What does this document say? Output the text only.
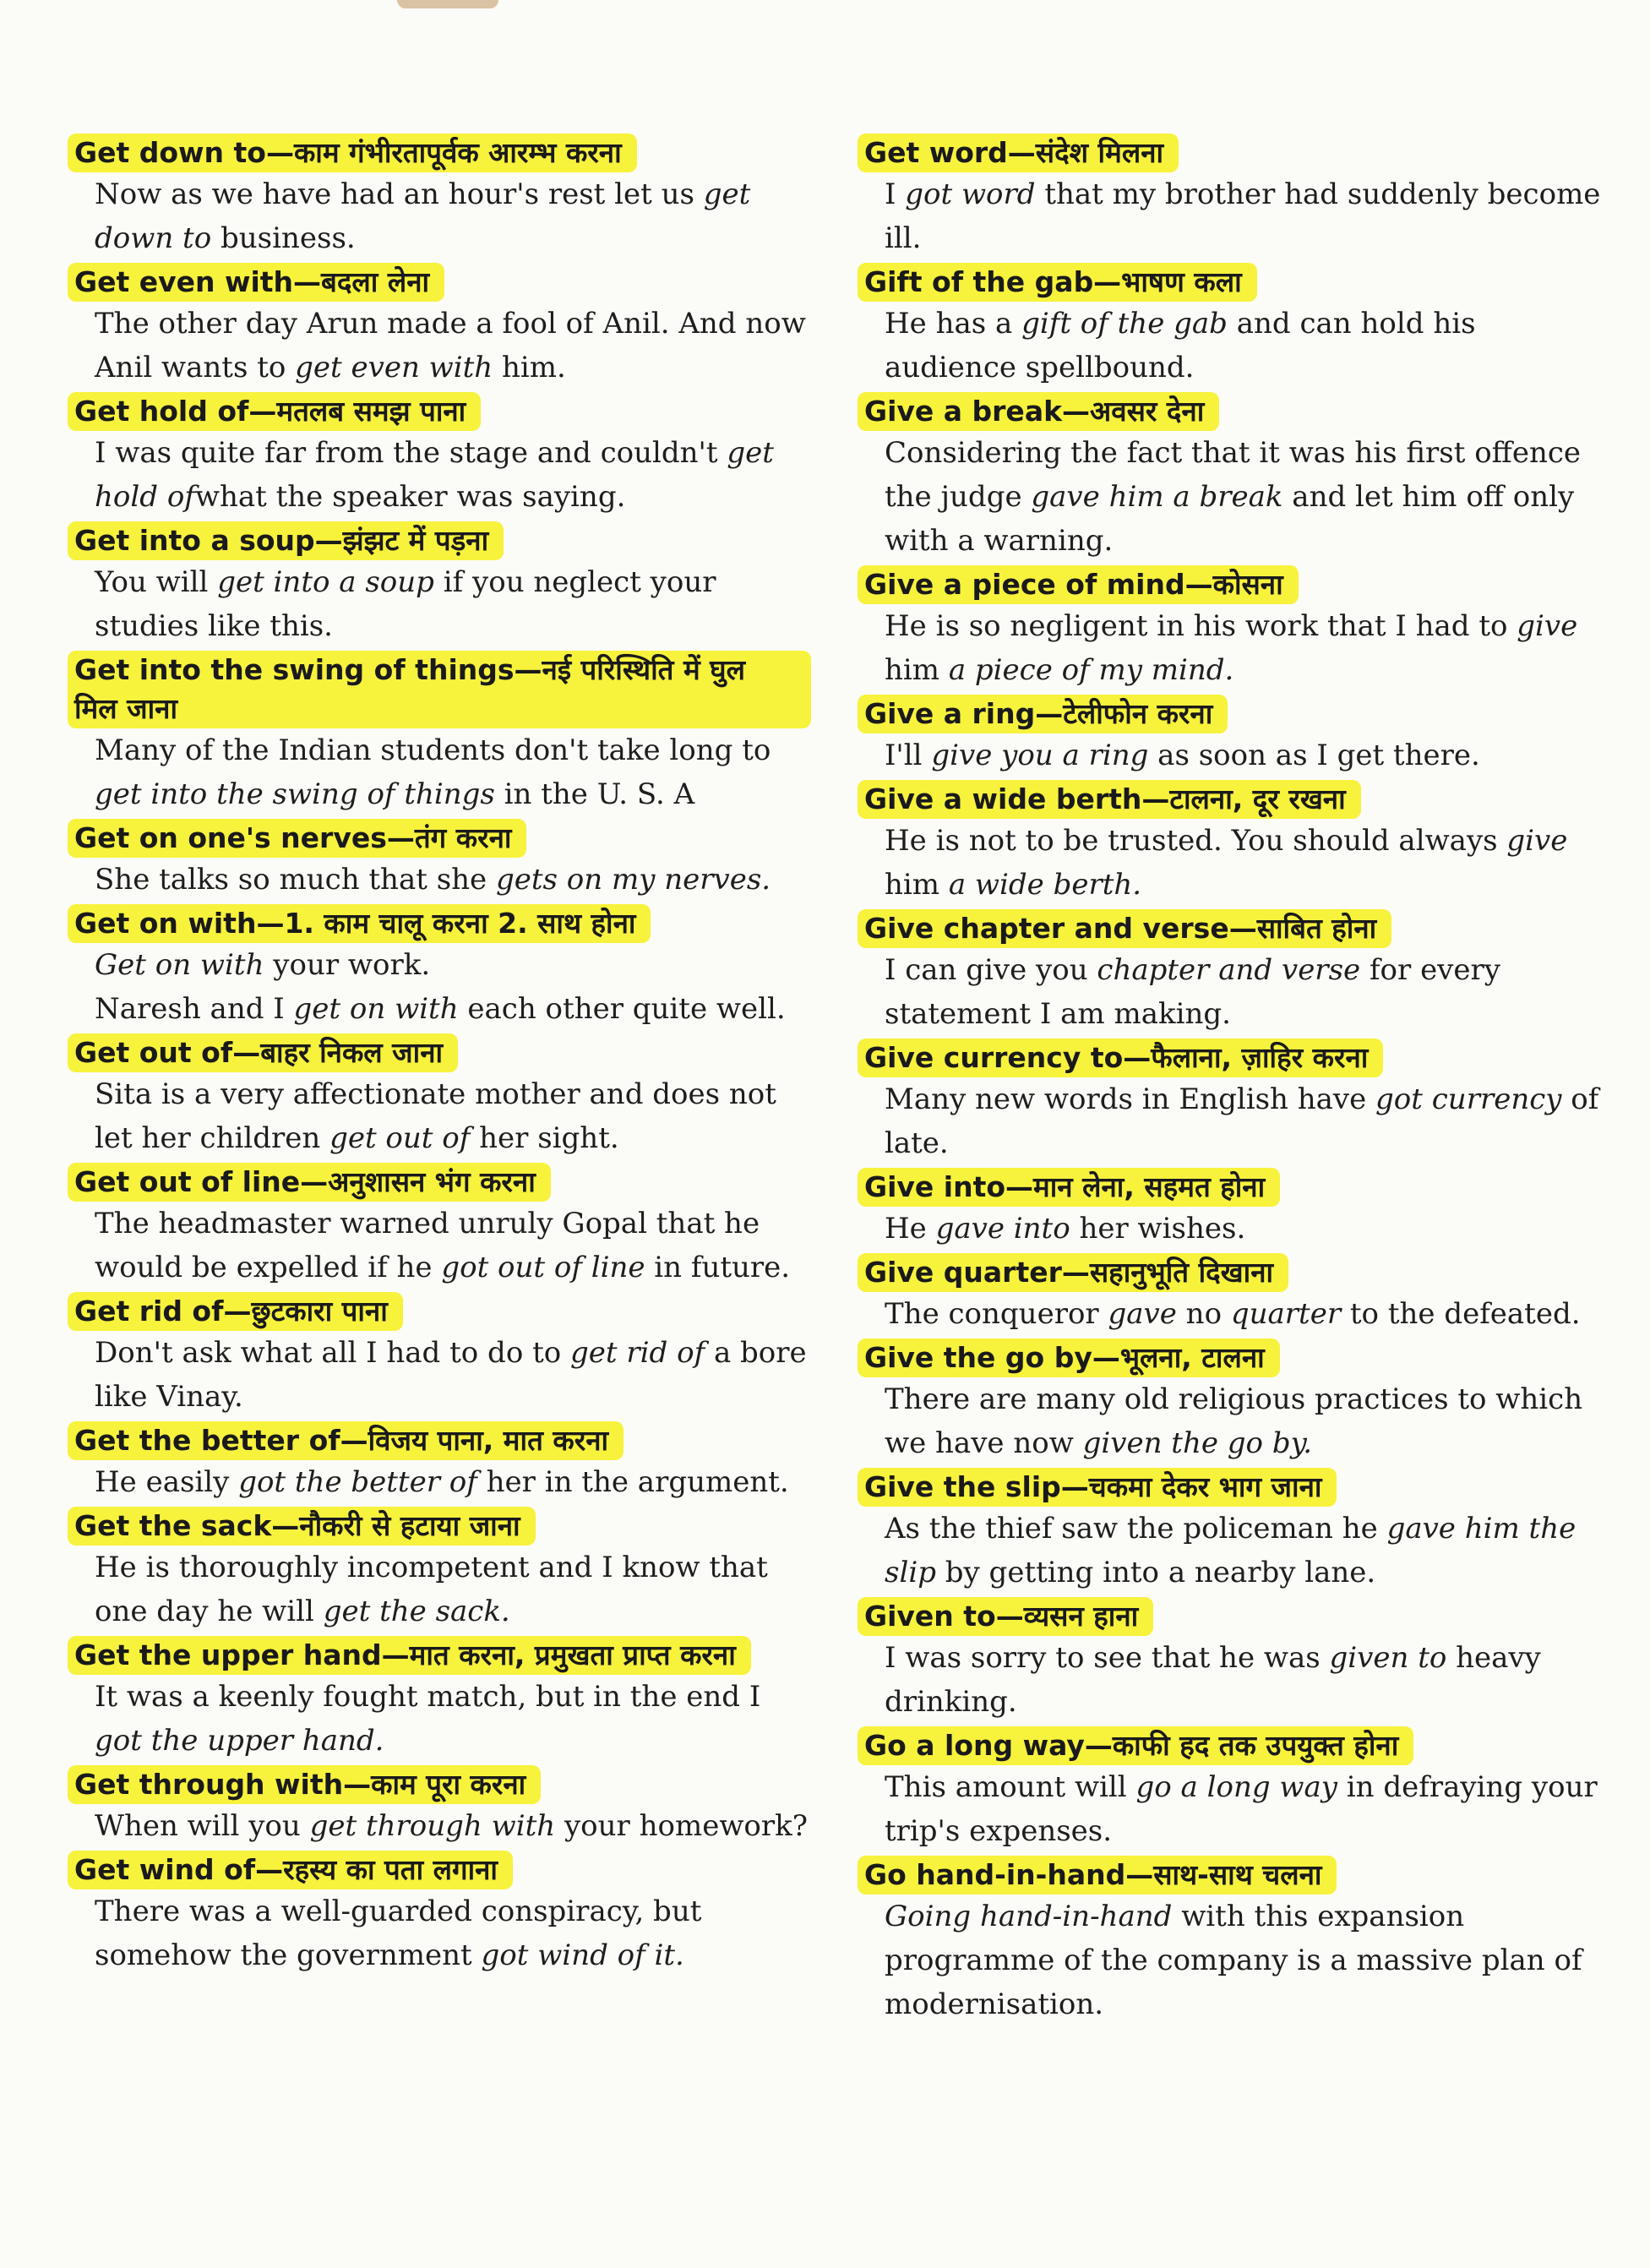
Get down to—काम गंभीरतापूर्वक आरम्भ करना

Now as we have had an hour's rest let us get down to business.

Get even with—बदला लेना

The other day Arun made a fool of Anil. And now Anil wants to get even with him.

Get hold of—मतलब समझ पाना

I was quite far from the stage and couldn't get hold ofwhat the speaker was saying.

Get into a soup—झंझट में पड़ना

You will get into a soup if you neglect your studies like this.

Get into the swing of things—नई परिस्थिति में घुल मिल जाना

Many of the Indian students don't take long to get into the swing of things in the U. S. A

Get on one's nerves—तंग करना

She talks so much that she gets on my nerves.

Get on with—1. काम चालू करना 2. साथ होना

Get on with your work.

Naresh and I get on with each other quite well.

Get out of—बाहर निकल जाना

Sita is a very affectionate mother and does not let her children get out of her sight.

Get out of line—अनुशासन भंग करना

The headmaster warned unruly Gopal that he would be expelled if he got out of line in future.

Get rid of—छुटकारा पाना

Don't ask what all I had to do to get rid of a bore like Vinay.

Get the better of—विजय पाना, मात करना

He easily got the better of her in the argument.

Get the sack—नौकरी से हटाया जाना

He is thoroughly incompetent and I know that one day he will get the sack.

Get the upper hand—मात करना, प्रमुखता प्राप्त करना

It was a keenly fought match, but in the end I got the upper hand.

Get through with—काम पूरा करना

When will you get through with your homework?

Get wind of—रहस्य का पता लगाना

There was a well-guarded conspiracy, but somehow the government got wind of it.

Get word—संदेश मिलना

I got word that my brother had suddenly become ill.

Gift of the gab—भाषण कला

He has a gift of the gab and can hold his audience spellbound.

Give a break—अवसर देना

Considering the fact that it was his first offence the judge gave him a break and let him off only with a warning.

Give a piece of mind—कोसना

He is so negligent in his work that I had to give him a piece of my mind.

Give a ring—टेलीफोन करना

I'll give you a ring as soon as I get there.

Give a wide berth—टालना, दूर रखना

He is not to be trusted. You should always give him a wide berth.

Give chapter and verse—साबित होना

I can give you chapter and verse for every statement I am making.

Give currency to—फैलाना, ज़ाहिर करना

Many new words in English have got currency of late.

Give into—मान लेना, सहमत होना

He gave into her wishes.

Give quarter—सहानुभूति दिखाना

The conqueror gave no quarter to the defeated.

Give the go by—भूलना, टालना

There are many old religious practices to which we have now given the go by.

Give the slip—चकमा देकर भाग जाना

As the thief saw the policeman he gave him the slip by getting into a nearby lane.

Given to—व्यसन हाना

I was sorry to see that he was given to heavy drinking.

Go a long way—काफी हद तक उपयुक्त होना

This amount will go a long way in defraying your trip's expenses.

Go hand-in-hand—साथ-साथ चलना

Going hand-in-hand with this expansion programme of the company is a massive plan of modernisation.
